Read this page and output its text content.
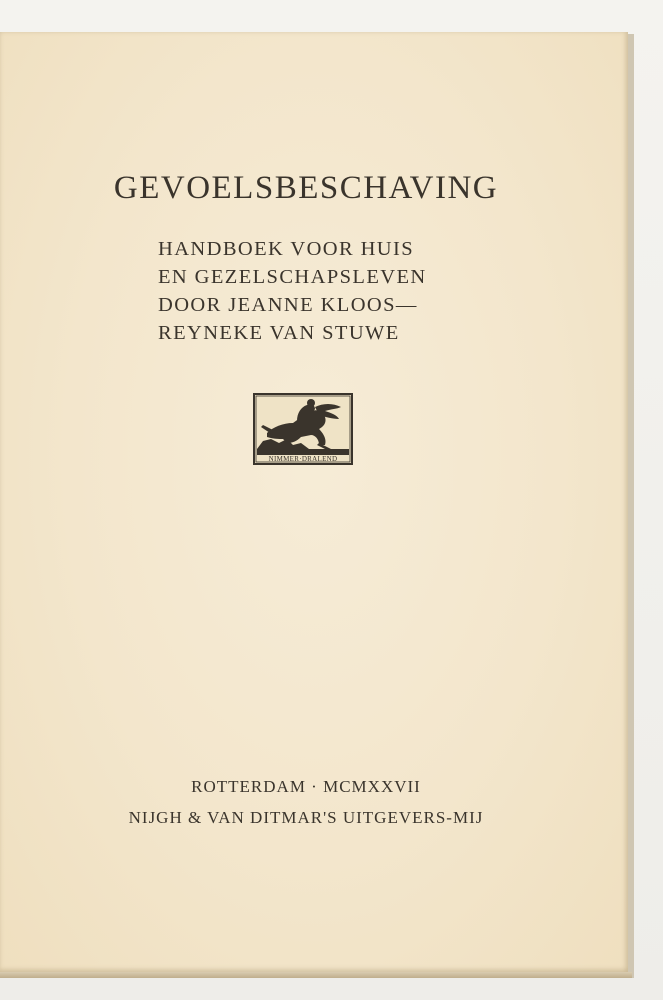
GEVOELSBESCHAVING
HANDBOEK VOOR HUIS
EN GEZELSCHAPSLEVEN
DOOR JEANNE KLOOS—
REYNEKE VAN STUWE
NIMMER·DRALEND
ROTTERDAM · MCMXXVII
NIJGH & VAN DITMAR'S UITGEVERS-MIJ
